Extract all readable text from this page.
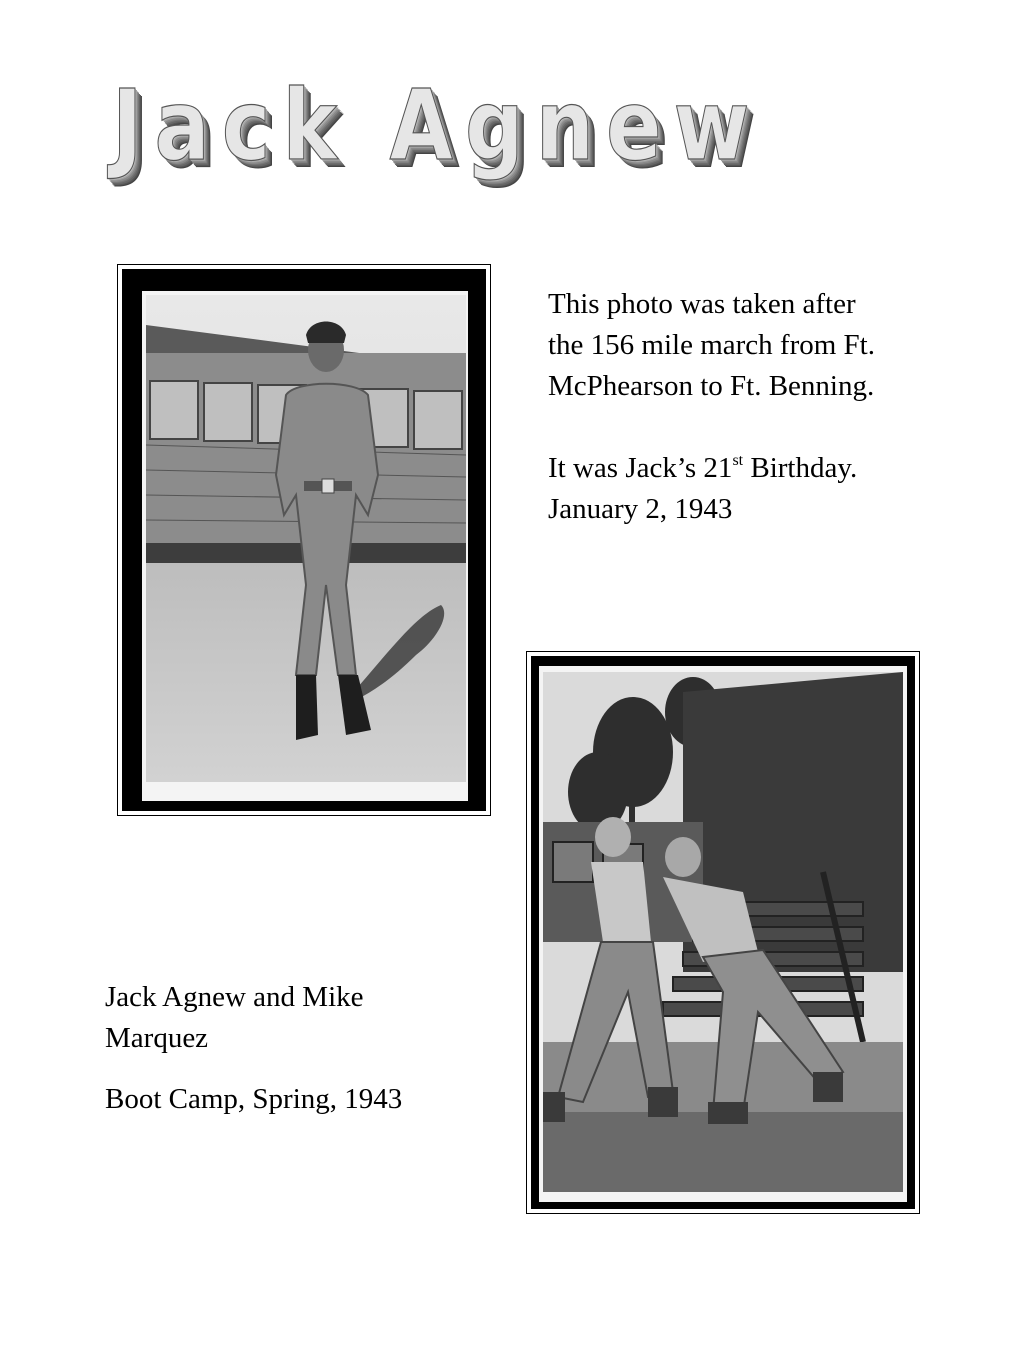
Jack Agnew

This photo was taken after

the 156 mile march from Ft.

McPhearson to Ft. Benning.

It was Jack’s 21st Birthday.

January 2, 1943

Jack Agnew and Mike

Marquez

Boot Camp, Spring, 1943
